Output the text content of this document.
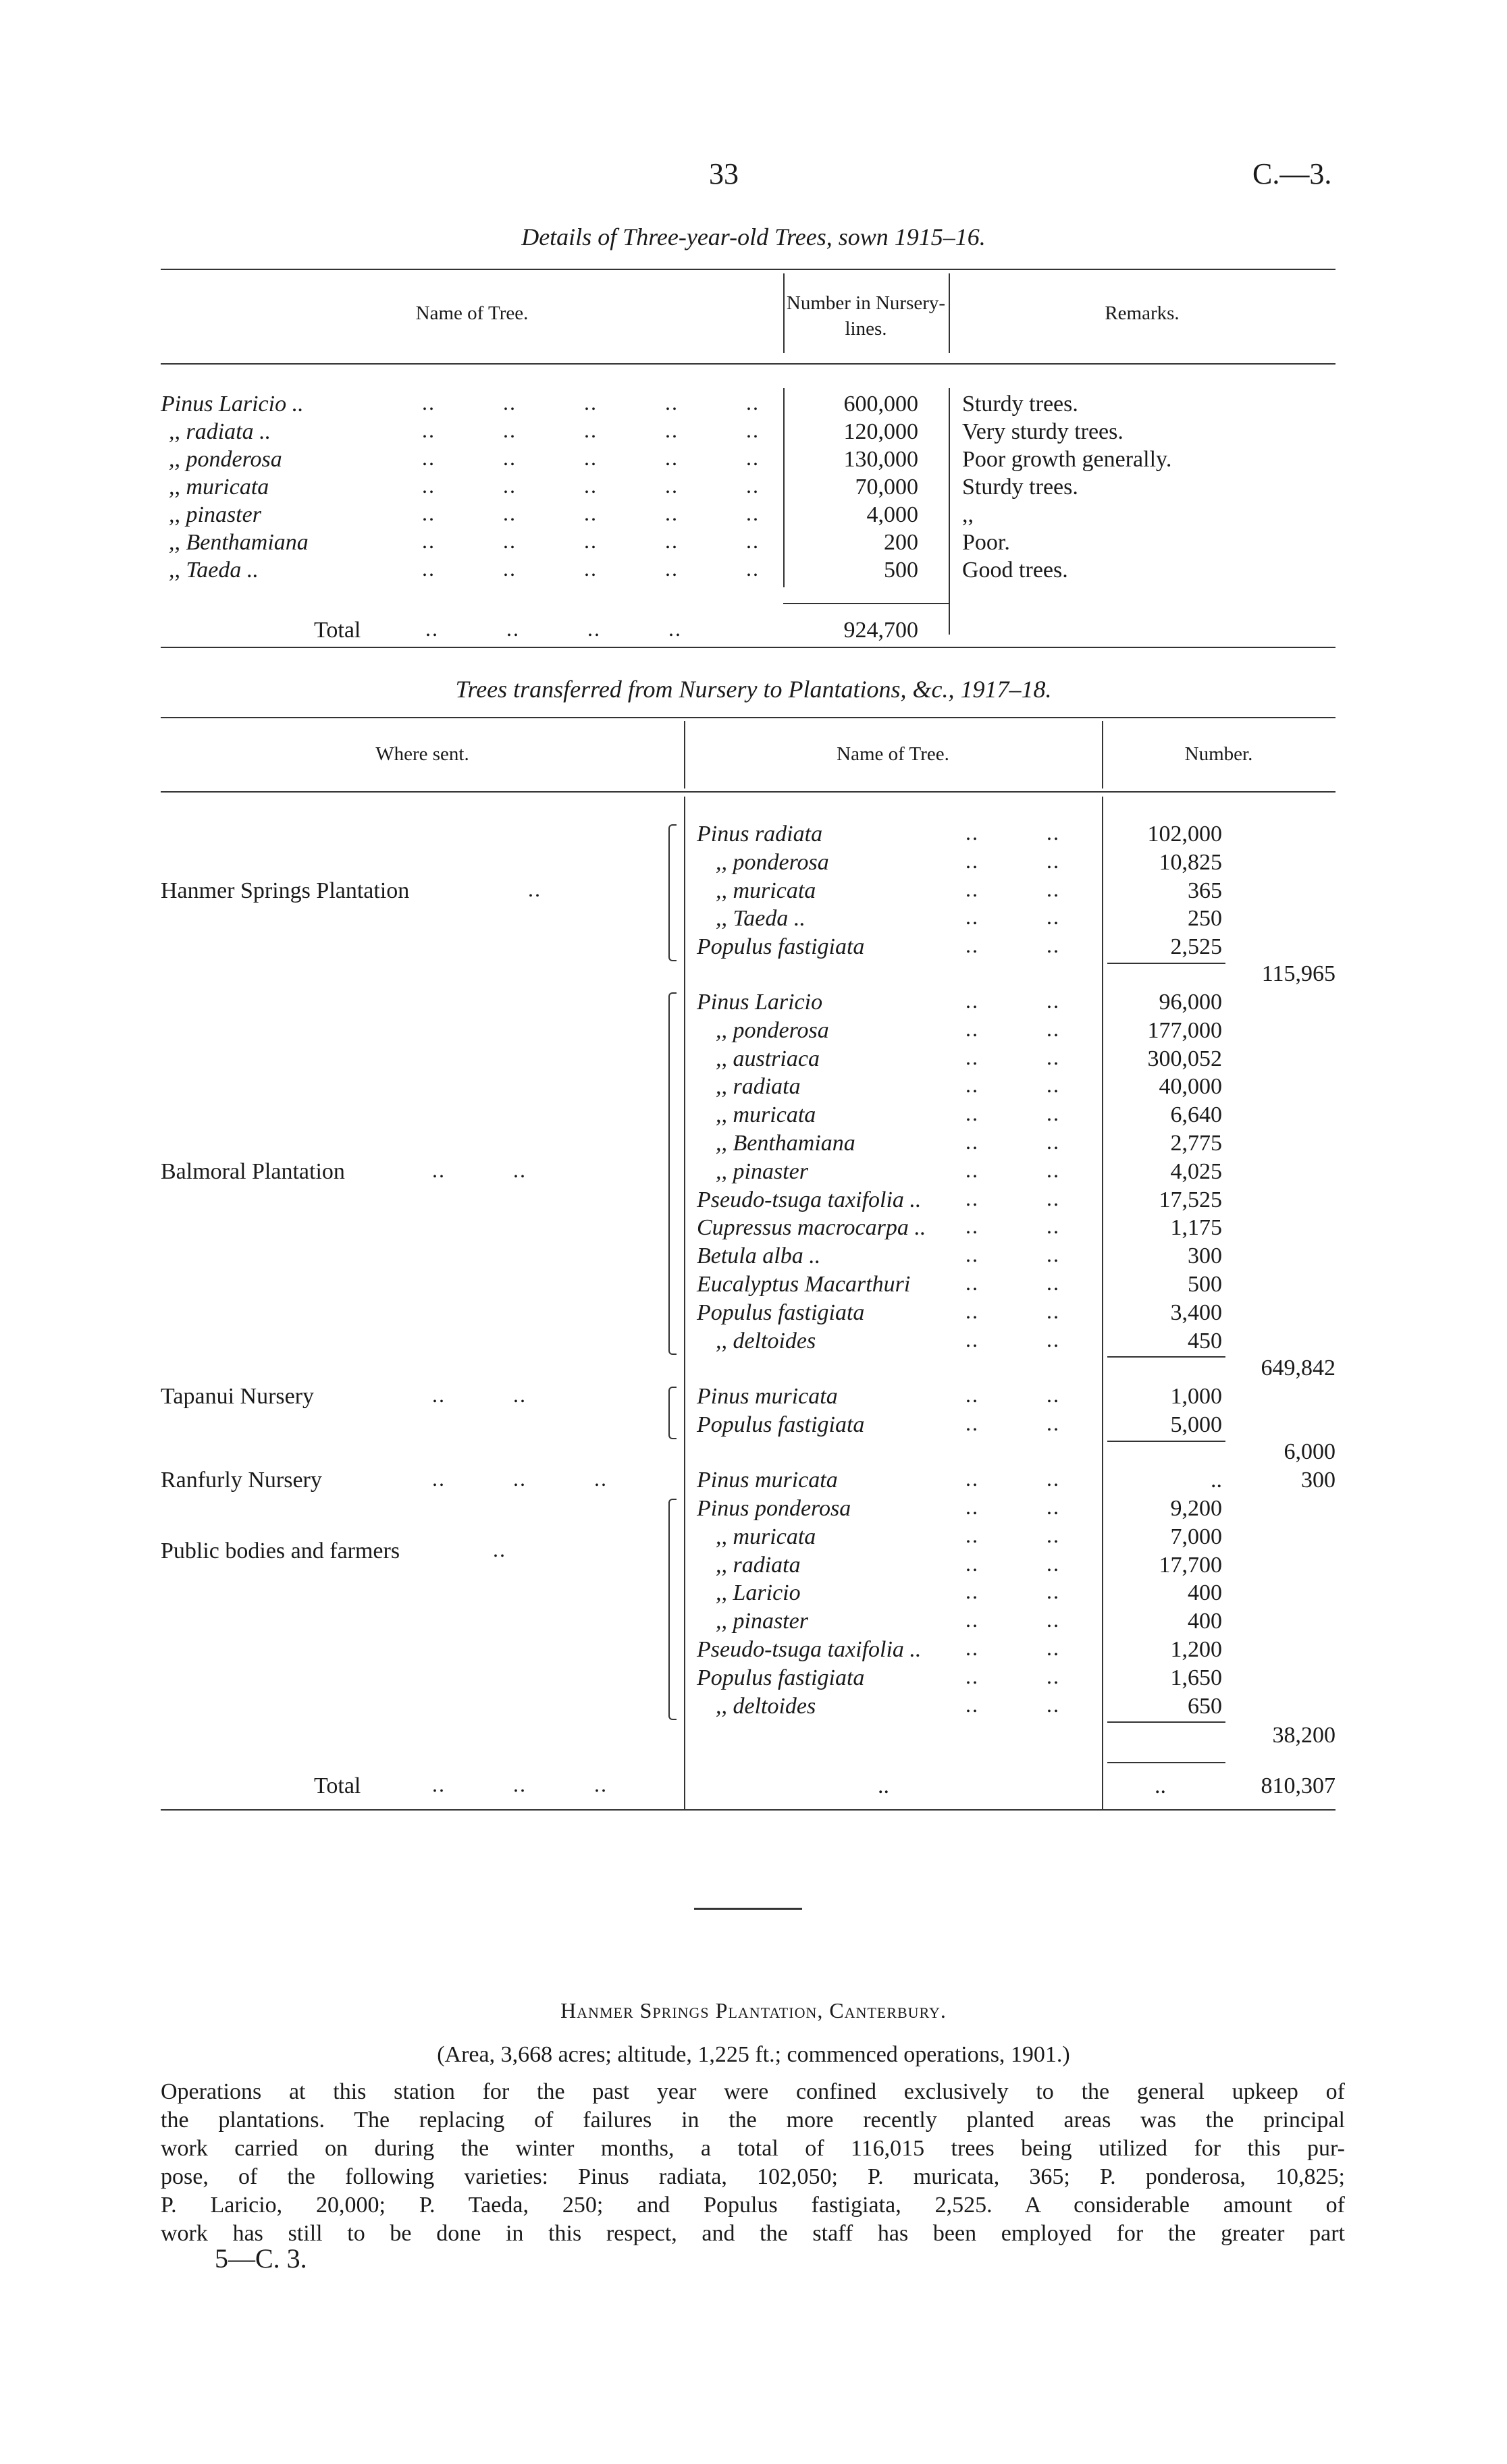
33	C.—3.
Details of Three-year-old Trees, sown 1915–16.
Name of Tree.	Number in Nursery-lines.
Remarks.
Pinus Laricio ..	..          ..          ..          ..          ..	600,000 Sturdy trees.
,, radiata ..	..          ..          ..          ..          ..	120,000 Very sturdy trees.
,, ponderosa	..          ..          ..          ..          ..	130,000 Poor growth generally.
,, muricata	..          ..          ..          ..          ..	70,000 Sturdy trees.
,, pinaster	..          ..          ..          ..          ..	4,000 ,,
,, Benthamiana	..          ..          ..          ..          ..	200 Poor.
,, Taeda ..	..          ..          ..          ..          ..	500 Good trees.
Total	..          ..          ..          ..	924,700
Trees transferred from Nursery to Plantations, &c., 1917–18.
Where sent.	Name of Tree.	Number.
Hanmer Springs Plantation	..
Pinus radiata	..          ..	102,000
,, ponderosa	..          ..	10,825
,, muricata	..          ..	365
,, Taeda ..	..          ..	250
Populus fastigiata	..          ..	2,525
115,965
Balmoral Plantation	..          ..
Pinus Laricio	..          ..	96,000
,, ponderosa	..          ..	177,000
,, austriaca	..          ..	300,052
,, radiata	..          ..	40,000
,, muricata	..          ..	6,640
,, Benthamiana	..          ..	2,775
,, pinaster	..          ..	4,025
Pseudo-tsuga taxifolia .. ..          ..	17,525
Cupressus macrocarpa .. ..          ..	1,175
Betula alba ..	..          ..	300
Eucalyptus Macarthuri	..          ..	500
Populus fastigiata	..          ..	3,400
,, deltoides	..          ..	450
649,842
Tapanui Nursery	..          ..	Pinus muricata	..          ..	1,000
Populus fastigiata	..          ..	5,000
6,000
Ranfurly Nursery	..          ..          ..	Pinus muricata	..          ..	..	300
Public bodies and farmers ..
Pinus ponderosa	..          ..	9,200
,, muricata	..          ..	7,000
,, radiata	..          ..	17,700
,, Laricio	..          ..	400
,, pinaster	..          ..	400
Pseudo-tsuga taxifolia .. ..          ..	1,200
Populus fastigiata	..          ..	1,650
,, deltoides	..          ..	650
38,200
Total	..          ..          ..	..	..	810,307
Hanmer Springs Plantation, Canterbury.
(Area, 3,668 acres; altitude, 1,225 ft.; commenced operations, 1901.)
Operations at this station for the past year were confined exclusively to the general upkeep of
the plantations. The replacing of failures in the more recently planted areas was the principal
work carried on during the winter months, a total of 116,015 trees being utilized for this pur-
pose, of the following varieties: Pinus radiata, 102,050; P. muricata, 365; P. ponderosa, 10,825;
P. Laricio, 20,000; P. Taeda, 250; and Populus fastigiata, 2,525. A considerable amount of
work has still to be done in this respect, and the staff has been employed for the greater part
5—C. 3.
